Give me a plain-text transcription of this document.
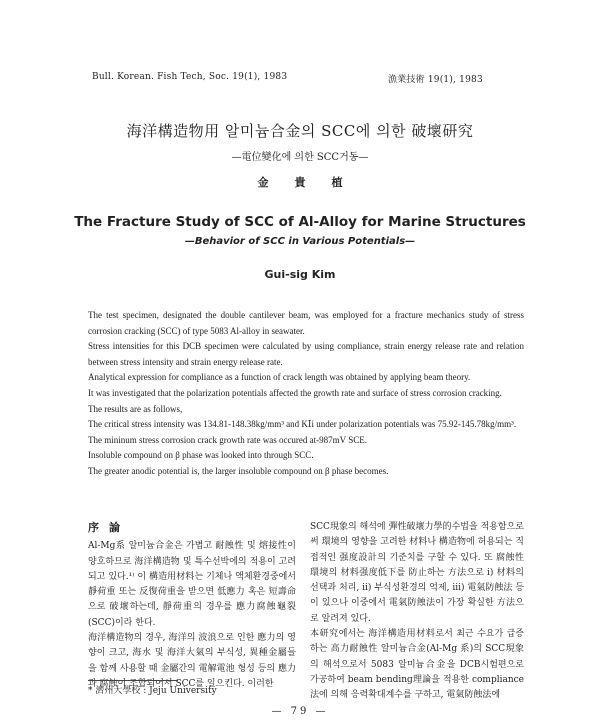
Bull. Korean. Fish Tech, Soc. 19(1), 1983	漁業技術 19(1), 1983
海洋構造物用 알미늄合金의 SCC에 의한 破壞研究
—電位變化에 의한 SCC거동—
金貴植
The Fracture Study of SCC of Al-Alloy for Marine Structures
—Behavior of SCC in Various Potentials—
Gui-sig Kim

The test specimen, designated the double cantilever beam, was employed for a fracture mechanics study of stress corrosion cracking (SCC) of type 5083 Al-alloy in seawater.

Stress intensities for this DCB specimen were calculated by using compliance, strain energy release rate and relation between stress intensity and strain energy release rate.

Analytical expression for compliance as a function of crack length was obtained by applying beam theory.

It was investigated that the polarization potentials affected the growth rate and surface of stress corrosion cracking.

The results are as follows,

The critical stress intensity was 134.81-148.38kg/mm³ and KⅠi under polarization potentials was 75.92-145.78kg/mm³.

The mininum stress corrosion crack growth rate was occured at-987mV SCE.

Insoluble compound on β phase was looked into through SCC.

The greater anodic potential is, the larger insoluble compound on β phase becomes.

序論

Al-Mg系 알미늄合金은 가볍고 耐蝕性 및 熔接性이 양호하므로 海洋構造物 및 특수선박에의 적용이 고려되고 있다.¹⁾ 이 構造用材料는 기체나 액체환경중에서 靜荷重 또는 反復荷重을 받으면 低應力 혹은 短壽命으로 破壞하는데, 靜荷重의 경우를 應力腐蝕龜裂(SCC)이라 한다.

海洋構造物의 경우, 海洋의 波浪으로 인한 應力의 영향이 크고, 海水 및 海洋大氣의 부식성, 異種金屬들을 함께 사용할 때 金屬간의 電解電池 형성 등의 應力과 腐蝕이 조합되어서 SCC를 일으킨다. 이러한

SCC現象의 해석에 彈性破壞力學的수법을 적용함으로써 環境의 영향을 고려한 材料나 構造物에 허용되는 직접적인 强度設計의 기준치를 구할 수 있다. 또 腐蝕性環境의 材料强度低下를 防止하는 方法으로 i) 材料의 선택과 처리, ii) 부식성환경의 억제, iii) 電氣防蝕法 등이 있으나 이중에서 電氣防蝕法이 가장 확실한 方法으로 알려져 있다.

本研究에서는 海洋構造用材料로서 최근 수요가 급증하는 高力耐蝕性 알미늄合金(Al-Mg 系)의 SCC現象의 해석으로서 5083 알미늄合金을 DCB시험편으로 가공하여 beam bending理論을 적용한 compliance法에 의해 응력확대계수를 구하고, 電氣防蝕法에

* 濟州大學校 : Jeju University
— 79 —
